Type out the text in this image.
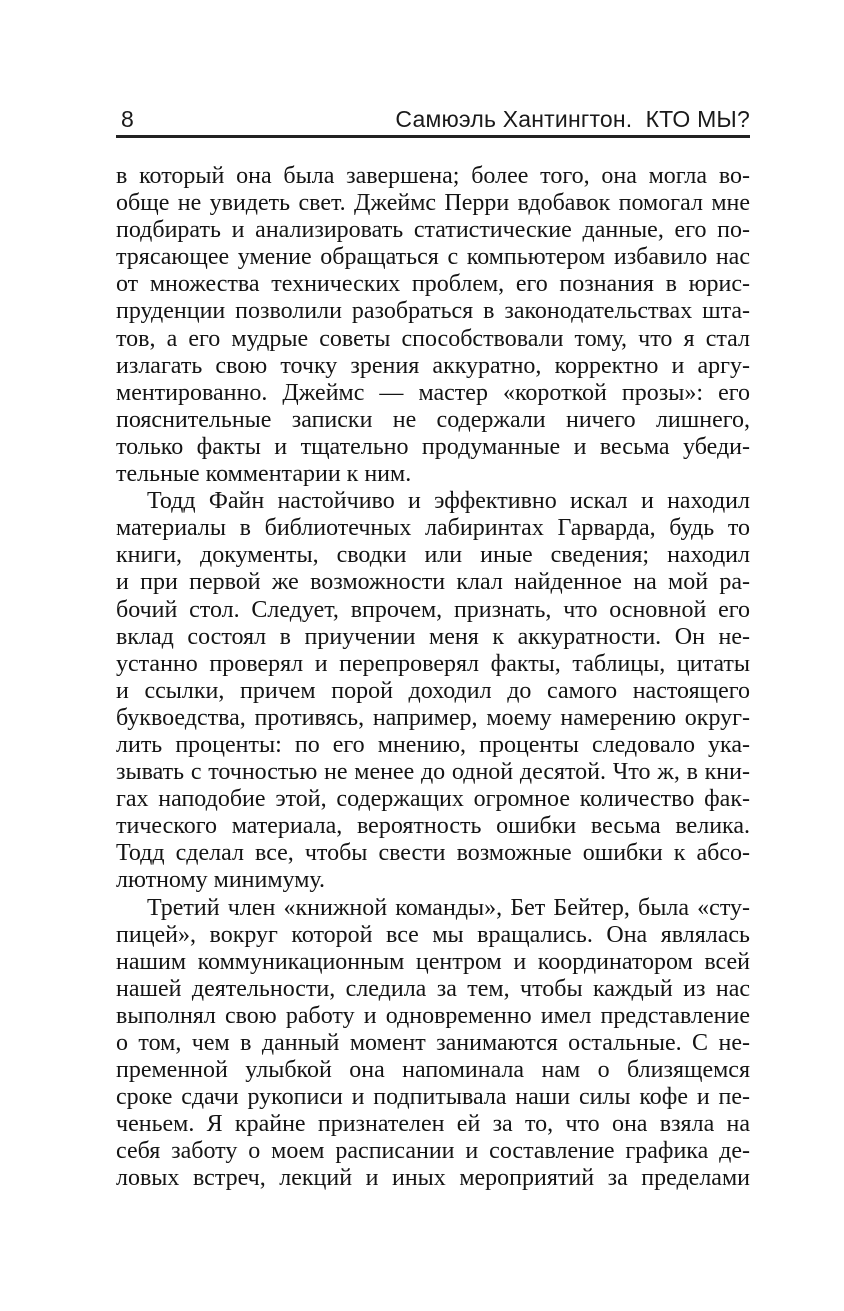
8	Самюэль Хантингтон.  КТО МЫ?
в который она была завершена; более того, она могла во-
обще не увидеть свет. Джеймс Перри вдобавок помогал мне
подбирать и анализировать статистические данные, его по-
трясающее умение обращаться с компьютером избавило нас
от множества технических проблем, его познания в юрис-
пруденции позволили разобраться в законодательствах шта-
тов, а его мудрые советы способствовали тому, что я стал
излагать свою точку зрения аккуратно, корректно и аргу-
ментированно. Джеймс — мастер «короткой прозы»: его
пояснительные записки не содержали ничего лишнего,
только факты и тщательно продуманные и весьма убеди-
тельные комментарии к ним.
Тодд Файн настойчиво и эффективно искал и находил
материалы в библиотечных лабиринтах Гарварда, будь то
книги, документы, сводки или иные сведения; находил
и при первой же возможности клал найденное на мой ра-
бочий стол. Следует, впрочем, признать, что основной его
вклад состоял в приучении меня к аккуратности. Он не-
устанно проверял и перепроверял факты, таблицы, цитаты
и ссылки, причем порой доходил до самого настоящего
буквоедства, противясь, например, моему намерению округ-
лить проценты: по его мнению, проценты следовало ука-
зывать с точностью не менее до одной десятой. Что ж, в кни-
гах наподобие этой, содержащих огромное количество фак-
тического материала, вероятность ошибки весьма велика.
Тодд сделал все, чтобы свести возможные ошибки к абсо-
лютному минимуму.
Третий член «книжной команды», Бет Бейтер, была «сту-
пицей», вокруг которой все мы вращались. Она являлась
нашим коммуникационным центром и координатором всей
нашей деятельности, следила за тем, чтобы каждый из нас
выполнял свою работу и одновременно имел представление
о том, чем в данный момент занимаются остальные. С не-
пременной улыбкой она напоминала нам о близящемся
сроке сдачи рукописи и подпитывала наши силы кофе и пе-
ченьем. Я крайне признателен ей за то, что она взяла на
себя заботу о моем расписании и составление графика де-
ловых встреч, лекций и иных мероприятий за пределами
